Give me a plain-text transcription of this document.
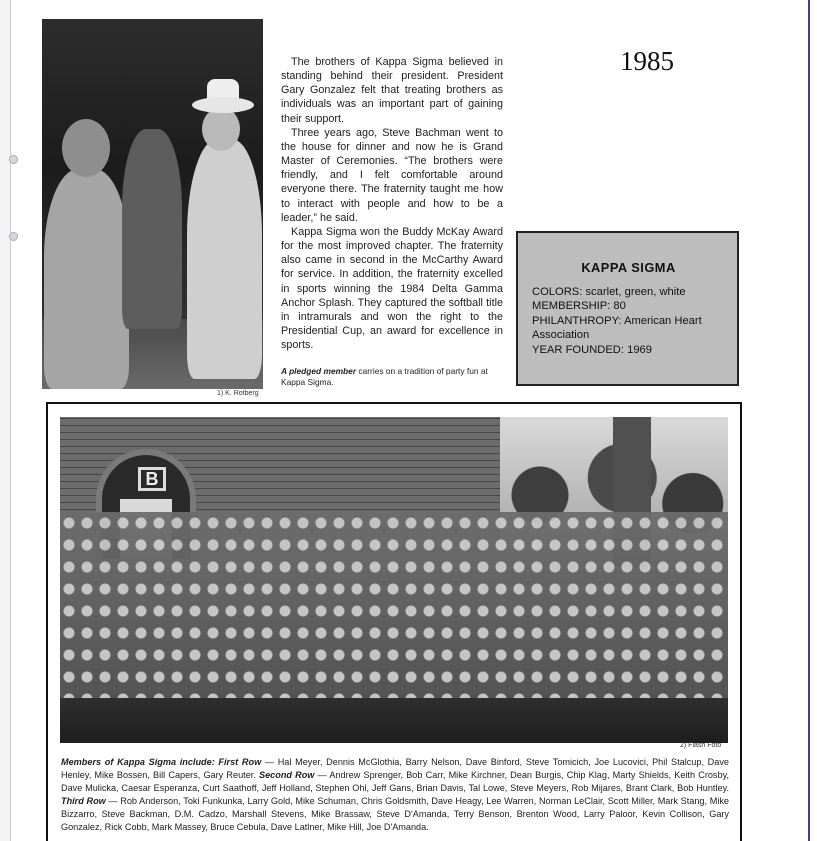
1) K. Rotberg

The brothers of Kappa Sigma believed in standing behind their president. President Gary Gonzalez felt that treating brothers as individuals was an important part of gaining their support.

Three years ago, Steve Bachman went to the house for dinner and now he is Grand Master of Ceremonies. “The brothers were friendly, and I felt comfortable around everyone there. The fraternity taught me how to interact with people and how to be a leader,” he said.

Kappa Sigma won the Buddy McKay Award for the most improved chapter. The fraternity also came in second in the McCarthy Award for service. In addition, the fraternity excelled in sports winning the 1984 Delta Gamma Anchor Splash. They captured the softball title in intramurals and won the right to the Presidential Cup, an award for excellence in sports.

A pledged member carries on a tradition of party fun at Kappa Sigma.
1985
KAPPA SIGMA
COLORS: scarlet, green, white
MEMBERSHIP: 80
PHILANTHROPY: American Heart Association
YEAR FOUNDED: 1969
B
2) Flash Foto
Members of Kappa Sigma include: First Row — Hal Meyer, Dennis McGlothia, Barry Nelson, Dave Binford, Steve Tomicich, Joe Lucovici, Phil Stalcup, Dave Henley, Mike Bossen, Bill Capers, Gary Reuter. Second Row — Andrew Sprenger, Bob Carr, Mike Kirchner, Dean Burgis, Chip Klag, Marty Shields, Keith Crosby, Dave Mulicka, Caesar Esperanza, Curt Saathoff, Jeff Holland, Stephen Ohl, Jeff Gans, Brian Davis, Tal Lowe, Steve Meyers, Rob Mijares, Brant Clark, Bob Huntley. Third Row — Rob Anderson, Toki Funkunka, Larry Gold, Mike Schuman, Chris Goldsmith, Dave Heagy, Lee Warren, Norman LeClair, Scott Miller, Mark Stang, Mike Bizzarro, Steve Backman, D.M. Cadzo, Marshall Stevens, Mike Brassaw, Steve D'Amanda, Terry Benson, Brenton Wood, Larry Paloor, Kevin Collison, Gary Gonzalez, Rick Cobb, Mark Massey, Bruce Cebula, Dave Latlner, Mike Hill, Joe D'Amanda.
